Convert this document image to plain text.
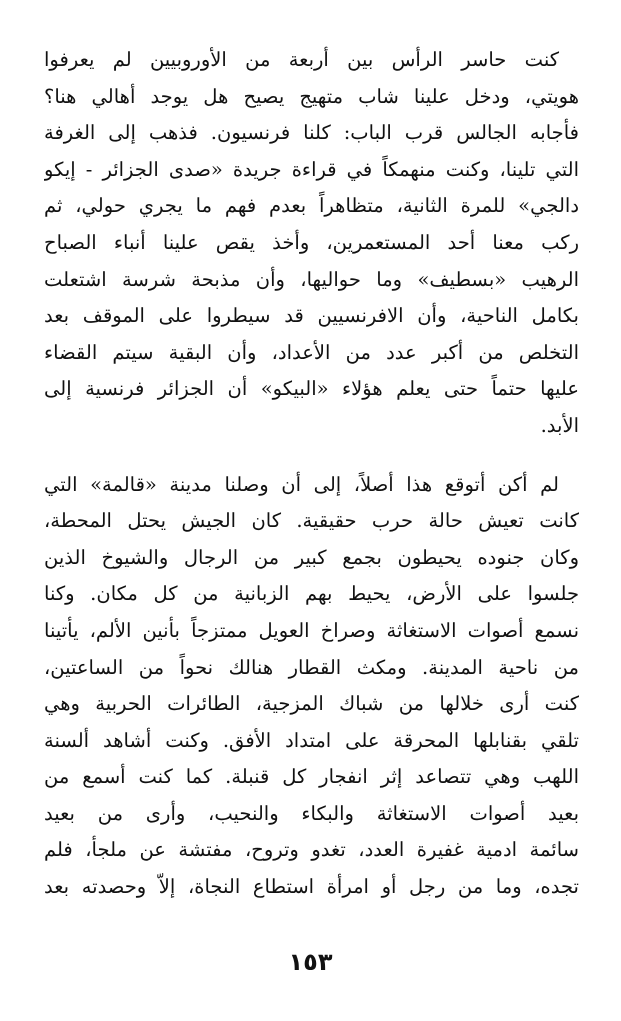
كنت حاسر الرأس بين أربعة من الأوروبيين لم يعرفوا
هويتي، ودخل علينا شاب متهيج يصيح هل يوجد أهالي هنا؟
فأجابه الجالس قرب الباب: كلنا فرنسيون. فذهب إلى الغرفة
التي تلينا، وكنت منهمكاً في قراءة جريدة «صدى الجزائر - إيكو
دالجي» للمرة الثانية، متظاهراً بعدم فهم ما يجري حولي، ثم
ركب معنا أحد المستعمرين، وأخذ يقص علينا أنباء الصباح
الرهيب «بسطيف» وما حواليها، وأن مذبحة شرسة اشتعلت
بكامل الناحية، وأن الافرنسيين قد سيطروا على الموقف بعد
التخلص من أكبر عدد من الأعداد، وأن البقية سيتم القضاء
عليها حتماً حتى يعلم هؤلاء «البيكو» أن الجزائر فرنسية إلى
الأبد.
لم أكن أتوقع هذا أصلاً، إلى أن وصلنا مدينة «قالمة» التي
كانت تعيش حالة حرب حقيقية. كان الجيش يحتل المحطة،
وكان جنوده يحيطون بجمع كبير من الرجال والشيوخ الذين
جلسوا على الأرض، يحيط بهم الزبانية من كل مكان. وكنا
نسمع أصوات الاستغاثة وصراخ العويل ممتزجاً بأنين الألم، يأتينا
من ناحية المدينة. ومكث القطار هنالك نحواً من الساعتين،
كنت أرى خلالها من شباك المزجية، الطائرات الحربية وهي
تلقي بقنابلها المحرقة على امتداد الأفق. وكنت أشاهد ألسنة
اللهب وهي تتصاعد إثر انفجار كل قنبلة. كما كنت أسمع من
بعيد أصوات الاستغاثة والبكاء والنحيب، وأرى من بعيد
سائمة ادمية غفيرة العدد، تغدو وتروح، مفتشة عن ملجأ، فلم
تجده، وما من رجل أو امرأة استطاع النجاة، إلاّ وحصدته بعد
١٥٣
